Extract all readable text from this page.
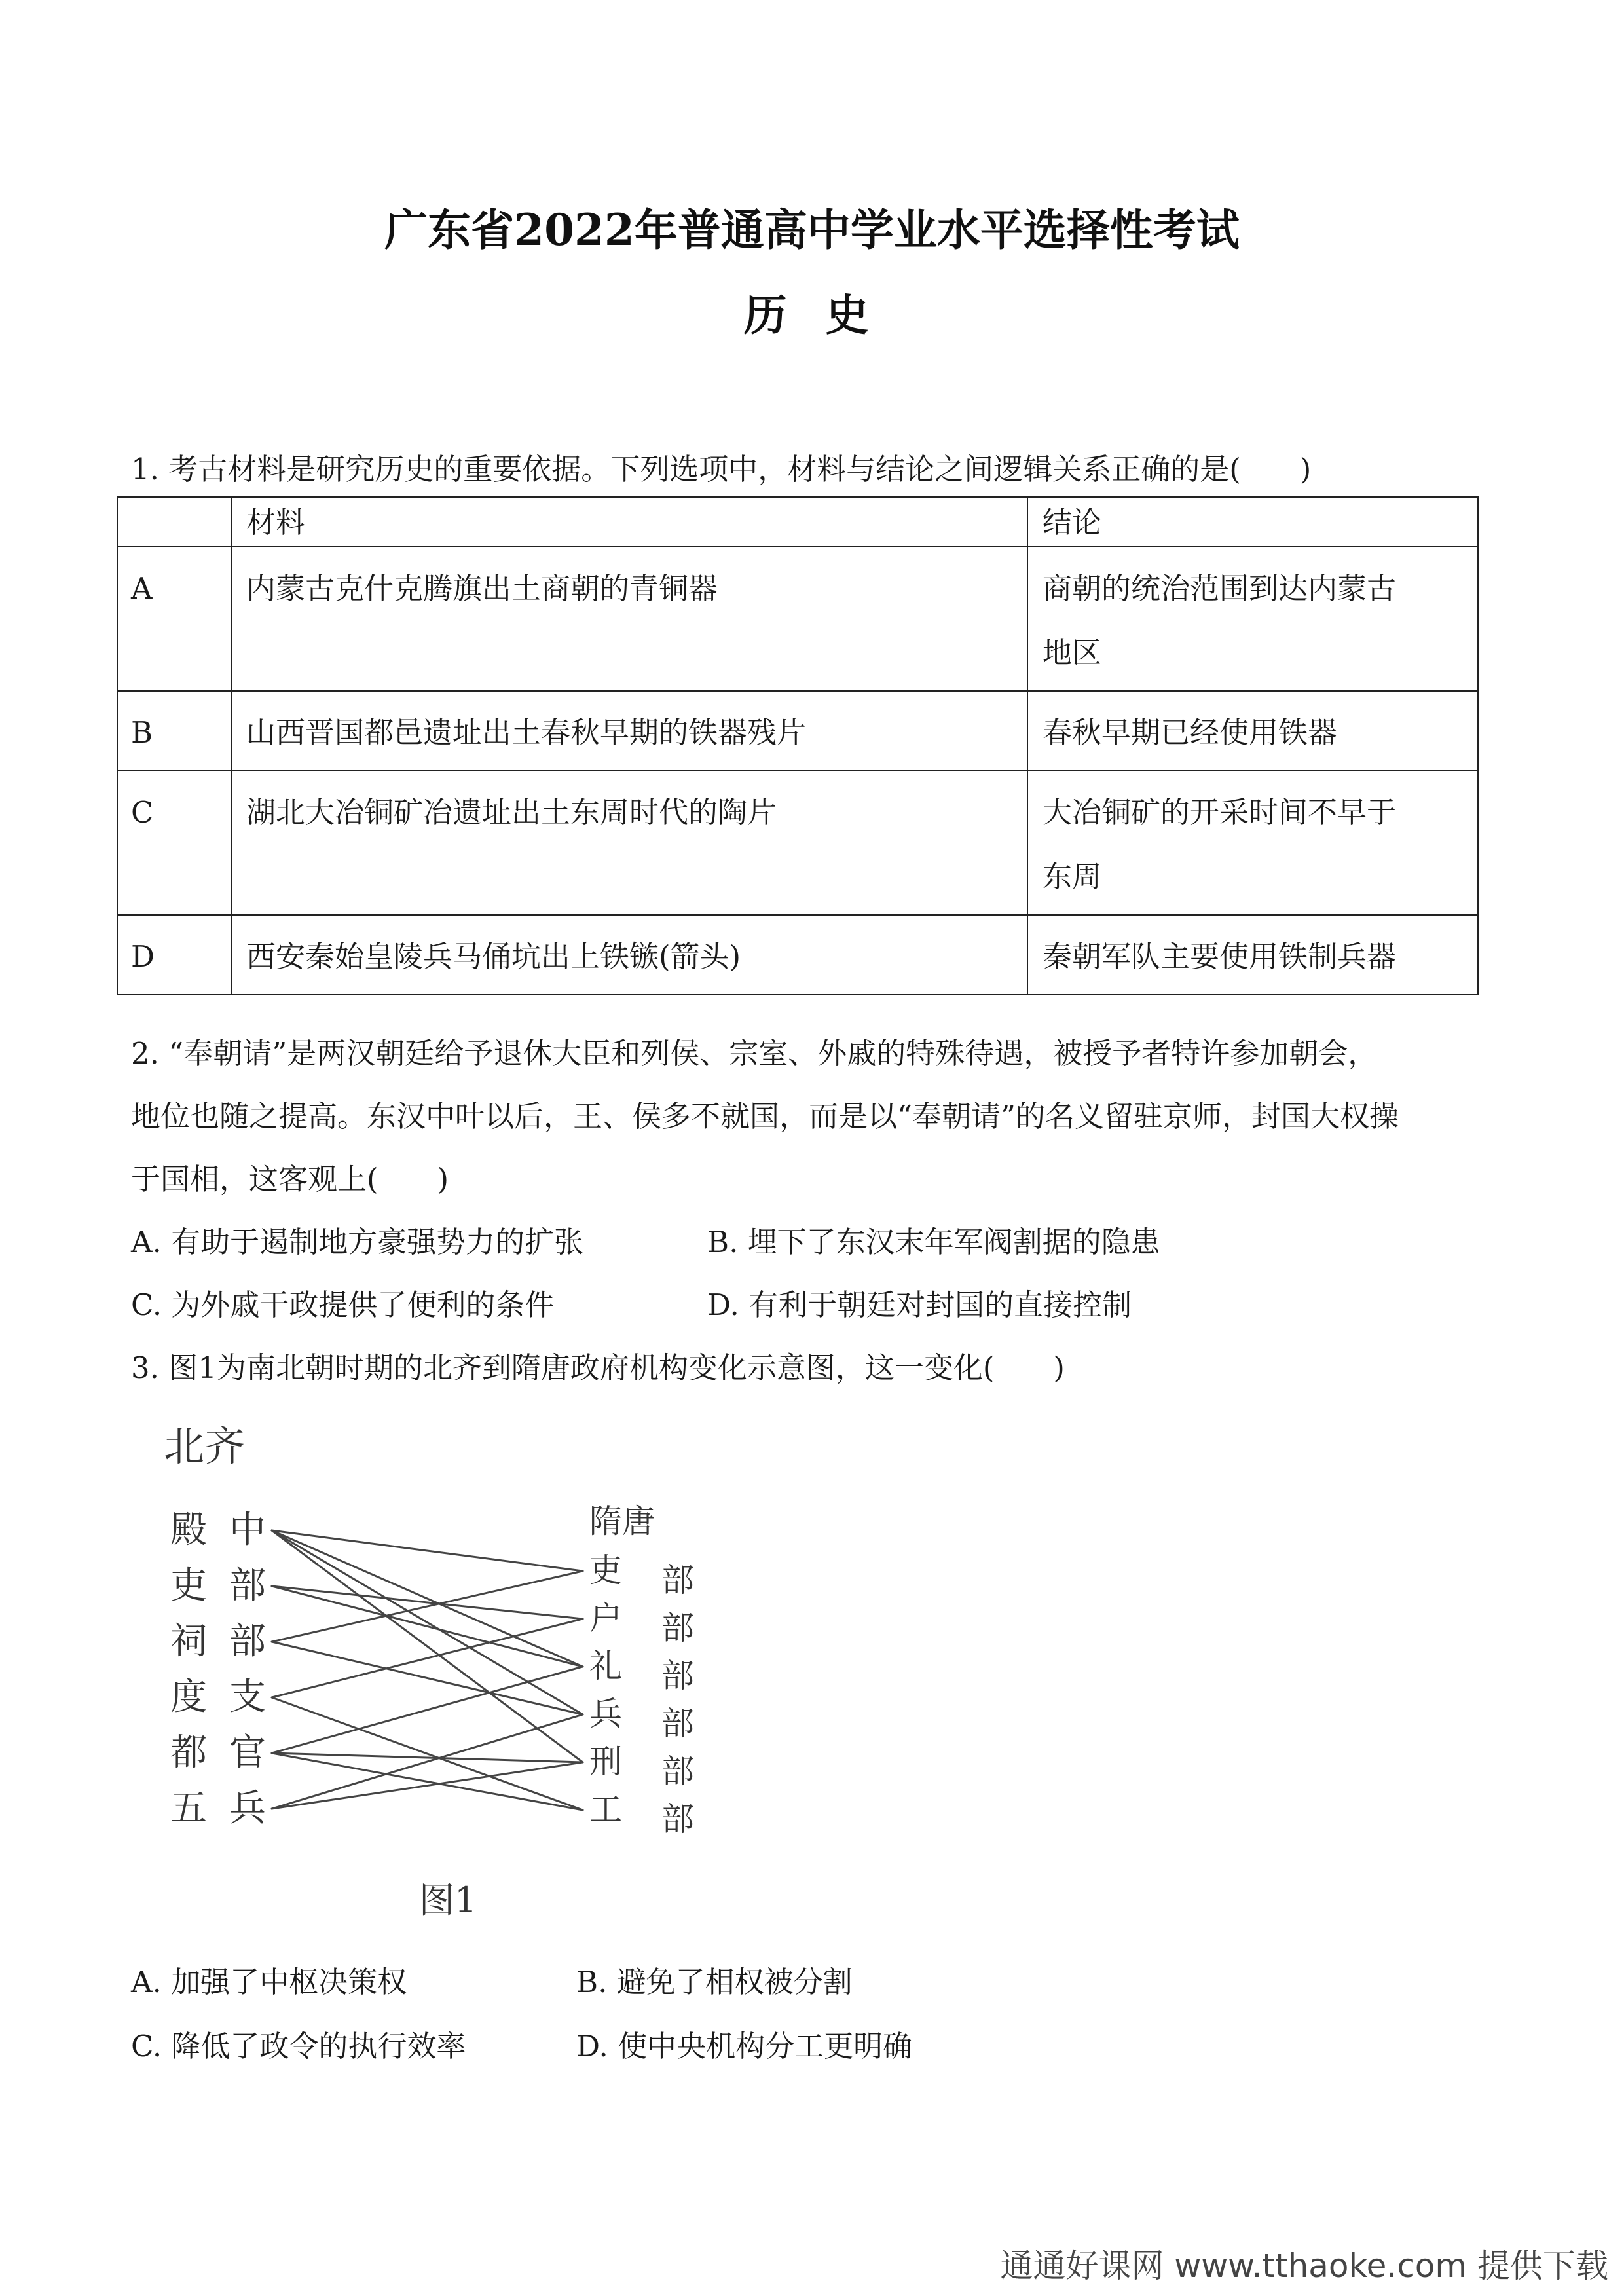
广东省2022年普通高中学业水平选择性考试
历 史
1. 考古材料是研究历史的重要依据。下列选项中，材料与结论之间逻辑关系正确的是(　　)
	材料	结论
A	内蒙古克什克腾旗出土商朝的青铜器	商朝的统治范围到达内蒙古
地区
B	山西晋国都邑遗址出土春秋早期的铁器残片	春秋早期已经使用铁器
C	湖北大冶铜矿冶遗址出土东周时代的陶片	大冶铜矿的开采时间不早于
东周
D	西安秦始皇陵兵马俑坑出上铁镞(箭头)	秦朝军队主要使用铁制兵器
2. “奉朝请”是两汉朝廷给予退休大臣和列侯、宗室、外戚的特殊待遇，被授予者特许参加朝会，
地位也随之提高。东汉中叶以后，王、侯多不就国，而是以“奉朝请”的名义留驻京师，封国大权操
于国相，这客观上(　　)
A. 有助于遏制地方豪强势力的扩张	B. 埋下了东汉末年军阀割据的隐患
C. 为外戚干政提供了便利的条件	D. 有利于朝廷对封国的直接控制
3. 图1为南北朝时期的北齐到隋唐政府机构变化示意图，这一变化(　　)
北齐
隋唐
殿
吏
祠
度
都
五
中
部
部
支
官
兵
吏
户
礼
兵
刑
工
部
部
部
部
部
部
图1
A. 加强了中枢决策权	B. 避免了相权被分割
C. 降低了政令的执行效率	D. 使中央机构分工更明确
通通好课网 www.tthaoke.com 提供下载
